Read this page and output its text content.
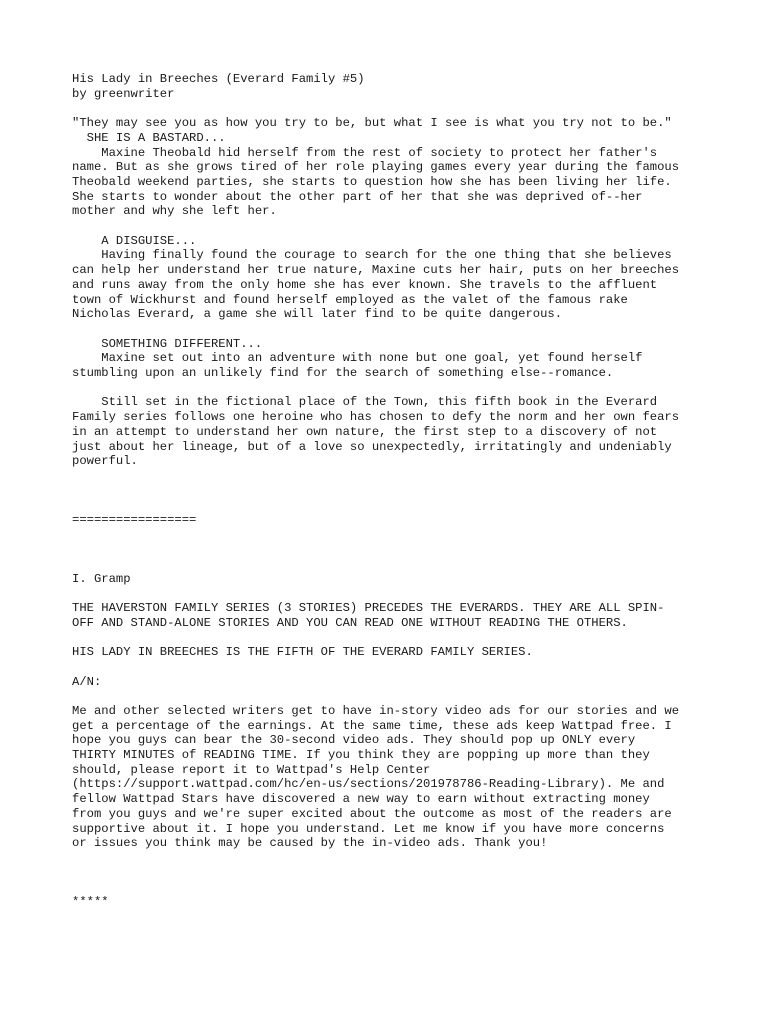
His Lady in Breeches (Everard Family #5)
by greenwriter
"They may see you as how you try to be, but what I see is what you try not to be."
SHE IS A BASTARD...
Maxine Theobald hid herself from the rest of society to protect her father's
name. But as she grows tired of her role playing games every year during the famous
Theobald weekend parties, she starts to question how she has been living her life.
She starts to wonder about the other part of her that she was deprived of--her
mother and why she left her.
A DISGUISE...
Having finally found the courage to search for the one thing that she believes
can help her understand her true nature, Maxine cuts her hair, puts on her breeches
and runs away from the only home she has ever known. She travels to the affluent
town of Wickhurst and found herself employed as the valet of the famous rake
Nicholas Everard, a game she will later find to be quite dangerous.
SOMETHING DIFFERENT...
Maxine set out into an adventure with none but one goal, yet found herself
stumbling upon an unlikely find for the search of something else--romance.
Still set in the fictional place of the Town, this fifth book in the Everard
Family series follows one heroine who has chosen to defy the norm and her own fears
in an attempt to understand her own nature, the first step to a discovery of not
just about her lineage, but of a love so unexpectedly, irritatingly and undeniably
powerful.
=================
I. Gramp
THE HAVERSTON FAMILY SERIES (3 STORIES) PRECEDES THE EVERARDS. THEY ARE ALL SPIN-
OFF AND STAND-ALONE STORIES AND YOU CAN READ ONE WITHOUT READING THE OTHERS.
HIS LADY IN BREECHES IS THE FIFTH OF THE EVERARD FAMILY SERIES.
A/N:
Me and other selected writers get to have in-story video ads for our stories and we
get a percentage of the earnings. At the same time, these ads keep Wattpad free. I
hope you guys can bear the 30-second video ads. They should pop up ONLY every
THIRTY MINUTES of READING TIME. If you think they are popping up more than they
should, please report it to Wattpad's Help Center
(https://support.wattpad.com/hc/en-us/sections/201978786-Reading-Library). Me and
fellow Wattpad Stars have discovered a new way to earn without extracting money
from you guys and we're super excited about the outcome as most of the readers are
supportive about it. I hope you understand. Let me know if you have more concerns
or issues you think may be caused by the in-video ads. Thank you!
*****
